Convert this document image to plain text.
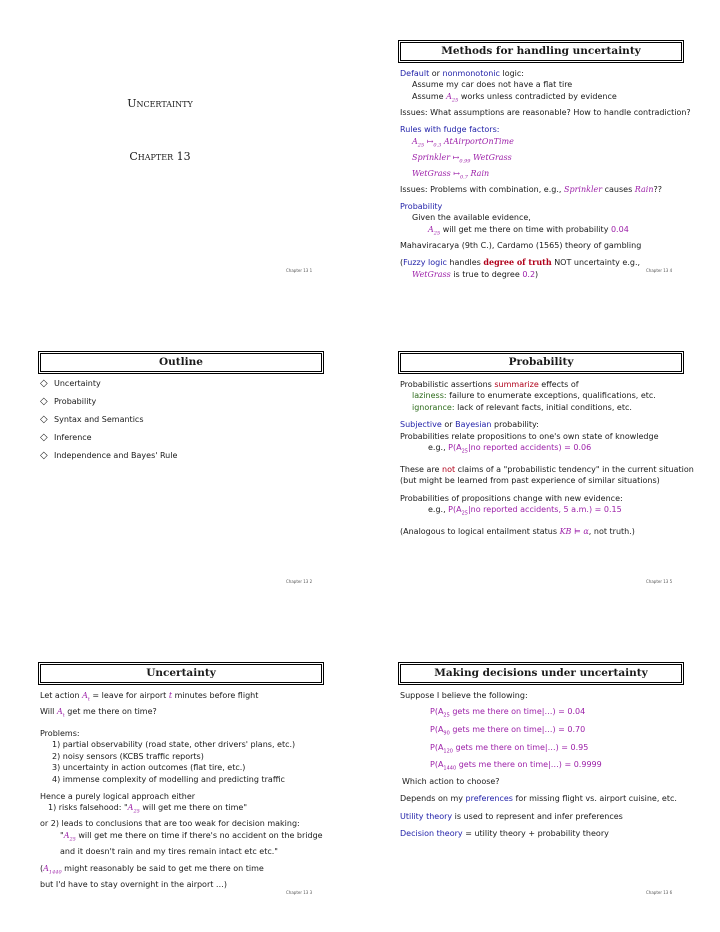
Uncertainty
Chapter 13
Chapter 13 1
Methods for handling uncertainty
Default or nonmonotonic logic:
Assume my car does not have a flat tire
Assume $A_{25}$ works unless contradicted by evidence
Issues: What assumptions are reasonable? How to handle contradiction?
Rules with fudge factors:
$A_{25}$ $↦_{0.3}$ AtAirportOnTime
Sprinkler $↦_{0.99}$ WetGrass
WetGrass $↦_{0.7}$ Rain
Issues: Problems with combination, e.g., Sprinkler causes Rain??
Probability
Given the available evidence,
$A_{25}$ will get me there on time with probability 0.04
Mahaviracarya (9th C.), Cardamo (1565) theory of gambling
(Fuzzy logic handles degree of truth NOT uncertainty e.g.,
WetGrass is true to degree 0.2)	Chapter 13 4
Outline
◇ Uncertainty
◇ Probability
◇ Syntax and Semantics
◇ Inference
◇ Independence and Bayes' Rule
Chapter 13 2
Probability
Probabilistic assertions summarize effects of
laziness: failure to enumerate exceptions, qualifications, etc.
ignorance: lack of relevant facts, initial conditions, etc.
Subjective or Bayesian probability:
Probabilities relate propositions to one's own state of knowledge
e.g., $P(A_{25}|no$ reported accidents) = 0.06
These are not claims of a "probabilistic tendency" in the current situation
(but might be learned from past experience of similar situations)
Probabilities of propositions change with new evidence:
e.g., $P(A_{25}|no$ reported accidents, 5 a.m.) = 0.15
(Analogous to logical entailment status KB ⊨ α, not truth.)
Chapter 13 5
Uncertainty
Let action $A_t$ = leave for airport t minutes before flight
Will $A_t$ get me there on time?
Problems:
1) partial observability (road state, other drivers' plans, etc.)
2) noisy sensors (KCBS traffic reports)
3) uncertainty in action outcomes (flat tire, etc.)
4) immense complexity of modelling and predicting traffic
Hence a purely logical approach either
1) risks falsehood: "$A_{25}$ will get me there on time"
or 2) leads to conclusions that are too weak for decision making:
"$A_{25}$ will get me there on time if there's no accident on the bridge
and it doesn't rain and my tires remain intact etc etc."
($A_{1440}$ might reasonably be said to get me there on time
but I'd have to stay overnight in the airport …)
Chapter 13 3
Making decisions under uncertainty
Suppose I believe the following:
$P(A_{25}$ gets me there on time|…) = 0.04
$P(A_{90}$ gets me there on time|…) = 0.70
$P(A_{120}$ gets me there on time|…) = 0.95
$P(A_{1440}$ gets me there on time|…) = 0.9999
Which action to choose?
Depends on my preferences for missing flight vs. airport cuisine, etc.
Utility theory is used to represent and infer preferences
Decision theory = utility theory + probability theory
Chapter 13 6
